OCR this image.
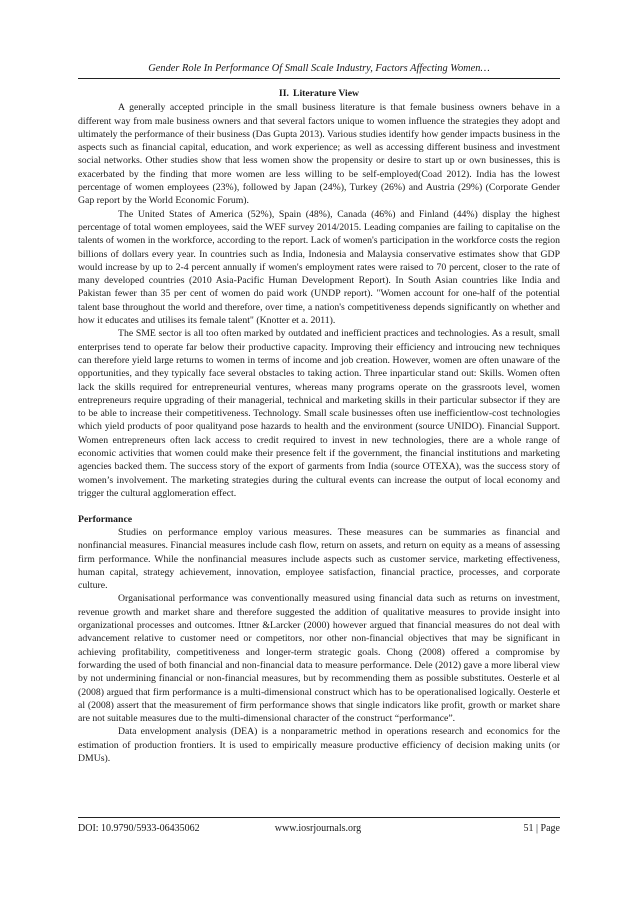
Gender Role In Performance Of Small Scale Industry, Factors Affecting Women…
II. Literature View

A generally accepted principle in the small business literature is that female business owners behave in a different way from male business owners and that several factors unique to women influence the strategies they adopt and ultimately the performance of their business (Das Gupta 2013). Various studies identify how gender impacts business in the aspects such as financial capital, education, and work experience; as well as accessing different business and investment social networks. Other studies show that less women show the propensity or desire to start up or own businesses, this is exacerbated by the finding that more women are less willing to be self-employed(Coad 2012). India has the lowest percentage of women employees (23%), followed by Japan (24%), Turkey (26%) and Austria (29%) (Corporate Gender Gap report by the World Economic Forum).

The United States of America (52%), Spain (48%), Canada (46%) and Finland (44%) display the highest percentage of total women employees, said the WEF survey 2014/2015. Leading companies are failing to capitalise on the talents of women in the workforce, according to the report. Lack of women's participation in the workforce costs the region billions of dollars every year. In countries such as India, Indonesia and Malaysia conservative estimates show that GDP would increase by up to 2-4 percent annually if women's employment rates were raised to 70 percent, closer to the rate of many developed countries (2010 Asia-Pacific Human Development Report). In South Asian countries like India and Pakistan fewer than 35 per cent of women do paid work (UNDP report). "Women account for one-half of the potential talent base throughout the world and therefore, over time, a nation's competitiveness depends significantly on whether and how it educates and utilises its female talent" (Knotter et a. 2011).

The SME sector is all too often marked by outdated and inefficient practices and technologies. As a result, small enterprises tend to operate far below their productive capacity. Improving their efficiency and introucing new techniques can therefore yield large returns to women in terms of income and job creation. However, women are often unaware of the opportunities, and they typically face several obstacles to taking action. Three inparticular stand out: Skills. Women often lack the skills required for entrepreneurial ventures, whereas many programs operate on the grassroots level, women entrepreneurs require upgrading of their managerial, technical and marketing skills in their particular subsector if they are to be able to increase their competitiveness. Technology. Small scale businesses often use inefficientlow-cost technologies which yield products of poor qualityand pose hazards to health and the environment (source UNIDO). Financial Support. Women entrepreneurs often lack access to credit required to invest in new technologies, there are a whole range of economic activities that women could make their presence felt if the government, the financial institutions and marketing agencies backed them. The success story of the export of garments from India (source OTEXA), was the success story of women’s involvement. The marketing strategies during the cultural events can increase the output of local economy and trigger the cultural agglomeration effect.

Performance

Studies on performance employ various measures. These measures can be summaries as financial and nonfinancial measures. Financial measures include cash flow, return on assets, and return on equity as a means of assessing firm performance. While the nonfinancial measures include aspects such as customer service, marketing effectiveness, human capital, strategy achievement, innovation, employee satisfaction, financial practice, processes, and corporate culture.

Organisational performance was conventionally measured using financial data such as returns on investment, revenue growth and market share and therefore suggested the addition of qualitative measures to provide insight into organizational processes and outcomes. Ittner &Larcker (2000) however argued that financial measures do not deal with advancement relative to customer need or competitors, nor other non-financial objectives that may be significant in achieving profitability, competitiveness and longer-term strategic goals. Chong (2008) offered a compromise by forwarding the used of both financial and non-financial data to measure performance. Dele (2012) gave a more liberal view by not undermining financial or non-financial measures, but by recommending them as possible substitutes. Oesterle et al (2008) argued that firm performance is a multi-dimensional construct which has to be operationalised logically. Oesterle et al (2008) assert that the measurement of firm performance shows that single indicators like profit, growth or market share are not suitable measures due to the multi-dimensional character of the construct “performance”.

Data envelopment analysis (DEA) is a nonparametric method in operations research and economics for the estimation of production frontiers. It is used to empirically measure productive efficiency of decision making units (or DMUs).

DOI: 10.9790/5933-06435062	www.iosrjournals.org	51 | Page
